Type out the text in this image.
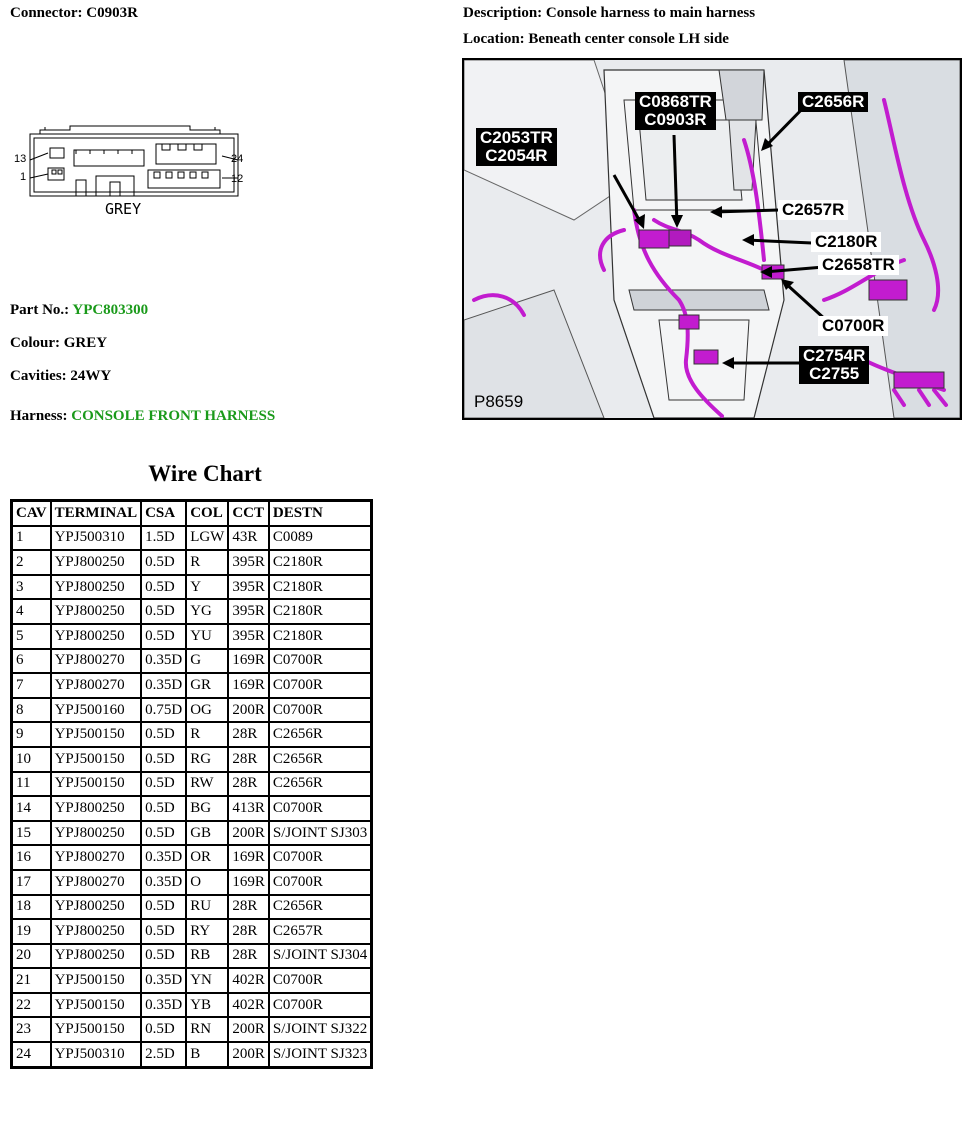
Connector: C0903R	Description: Console harness to main harness
Location: Beneath center console LH side
13
1
24
12
GREY
Part No.: YPC803300
Colour: GREY
Cavities: 24WY
Harness: CONSOLE FRONT HARNESS
C0868TR
C0903R
C2656R
C2053TR
C2054R
C2657R
C2180R
C2658TR
C0700R
C2754R
C2755
P8659
Wire Chart
CAV	TERMINAL	CSA	COL	CCT	DESTN
1	YPJ500310	1.5D	LGW	43R	C0089
2	YPJ800250	0.5D	R	395R	C2180R
3	YPJ800250	0.5D	Y	395R	C2180R
4	YPJ800250	0.5D	YG	395R	C2180R
5	YPJ800250	0.5D	YU	395R	C2180R
6	YPJ800270	0.35D	G	169R	C0700R
7	YPJ800270	0.35D	GR	169R	C0700R
8	YPJ500160	0.75D	OG	200R	C0700R
9	YPJ500150	0.5D	R	28R	C2656R
10	YPJ500150	0.5D	RG	28R	C2656R
11	YPJ500150	0.5D	RW	28R	C2656R
14	YPJ800250	0.5D	BG	413R	C0700R
15	YPJ800250	0.5D	GB	200R	S/JOINT SJ303
16	YPJ800270	0.35D	OR	169R	C0700R
17	YPJ800270	0.35D	O	169R	C0700R
18	YPJ800250	0.5D	RU	28R	C2656R
19	YPJ800250	0.5D	RY	28R	C2657R
20	YPJ800250	0.5D	RB	28R	S/JOINT SJ304
21	YPJ500150	0.35D	YN	402R	C0700R
22	YPJ500150	0.35D	YB	402R	C0700R
23	YPJ500150	0.5D	RN	200R	S/JOINT SJ322
24	YPJ500310	2.5D	B	200R	S/JOINT SJ323
